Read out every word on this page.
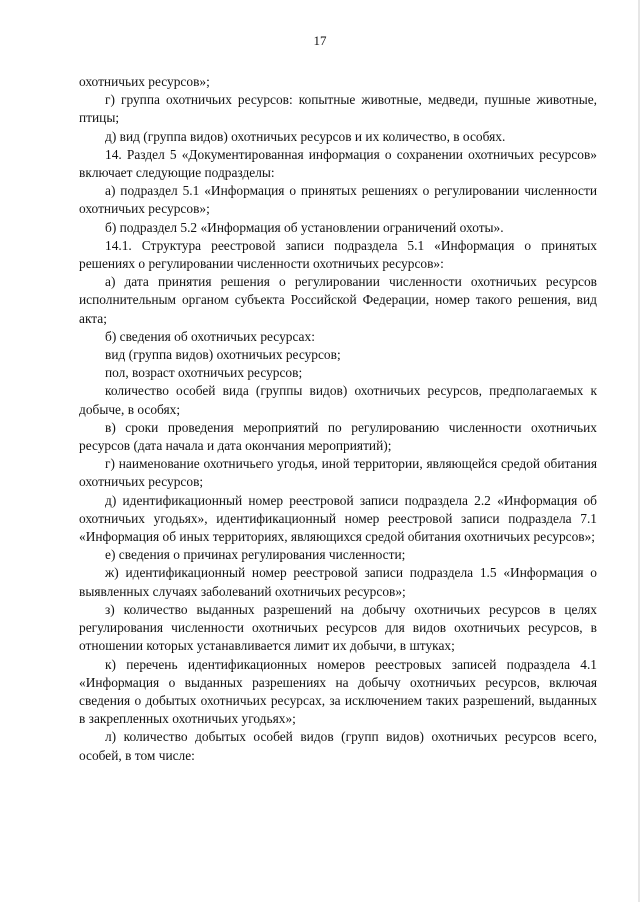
17

охотничьих ресурсов»;

г) группа охотничьих ресурсов: копытные животные, медведи, пушные животные, птицы;

д) вид (группа видов) охотничьих ресурсов и их количество, в особях.

14. Раздел 5 «Документированная информация о сохранении охотничьих ресурсов» включает следующие подразделы:

а) подраздел 5.1 «Информация о принятых решениях о регулировании численности охотничьих ресурсов»;

б) подраздел 5.2 «Информация об установлении ограничений охоты».

14.1. Структура реестровой записи подраздела 5.1 «Информация о принятых решениях о регулировании численности охотничьих ресурсов»:

а) дата принятия решения о регулировании численности охотничьих ресурсов исполнительным органом субъекта Российской Федерации, номер такого решения, вид акта;

б) сведения об охотничьих ресурсах:

вид (группа видов) охотничьих ресурсов;

пол, возраст охотничьих ресурсов;

количество особей вида (группы видов) охотничьих ресурсов, предполагаемых к добыче, в особях;

в) сроки проведения мероприятий по регулированию численности охотничьих ресурсов (дата начала и дата окончания мероприятий);

г) наименование охотничьего угодья, иной территории, являющейся средой обитания охотничьих ресурсов;

д) идентификационный номер реестровой записи подраздела 2.2 «Информация об охотничьих угодьях», идентификационный номер реестровой записи подраздела 7.1 «Информация об иных территориях, являющихся средой обитания охотничьих ресурсов»;

е) сведения о причинах регулирования численности;

ж) идентификационный номер реестровой записи подраздела 1.5 «Информация о выявленных случаях заболеваний охотничьих ресурсов»;

з) количество выданных разрешений на добычу охотничьих ресурсов в целях регулирования численности охотничьих ресурсов для видов охотничьих ресурсов, в отношении которых устанавливается лимит их добычи, в штуках;

к) перечень идентификационных номеров реестровых записей подраздела 4.1 «Информация о выданных разрешениях на добычу охотничьих ресурсов, включая сведения о добытых охотничьих ресурсах, за исключением таких разрешений, выданных в закрепленных охотничьих угодьях»;

л) количество добытых особей видов (групп видов) охотничьих ресурсов всего, особей, в том числе:
